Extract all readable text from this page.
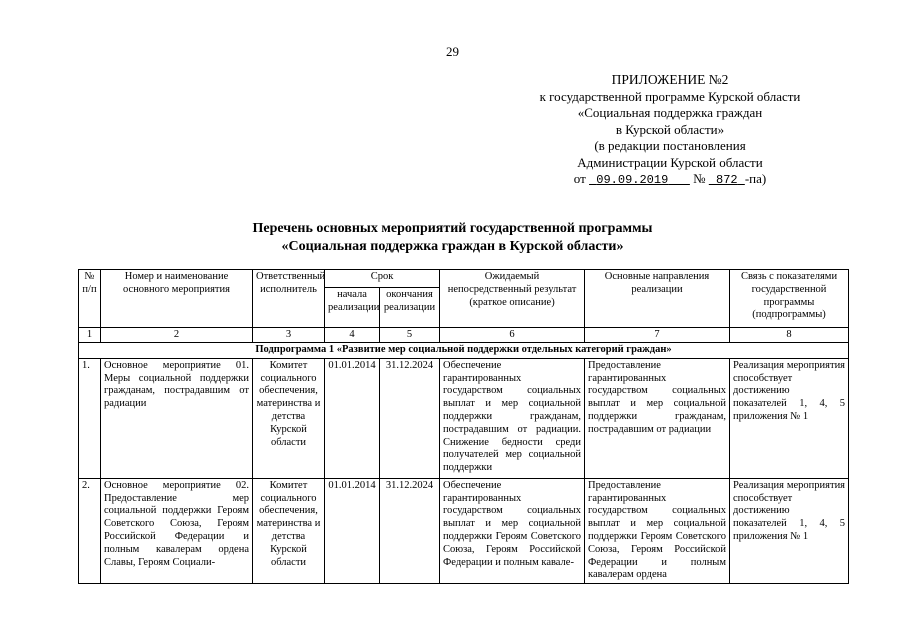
29
ПРИЛОЖЕНИЕ №2
к государственной программе Курской области
«Социальная поддержка граждан
в Курской области»
(в редакции постановления
Администрации Курской области
от 09.09.2019 № 872 -па)
Перечень основных мероприятий государственной программы
«Социальная поддержка граждан в Курской области»
№ п/п	Номер и наименование основного мероприятия	Ответственный исполнитель	Срок		Ожидаемый непосредственный результат (краткое описание)	Основные направления реализации	Связь с показателями государственной программы (подпрограммы)
			начала реализации	окончания реализации			
1	2	3	4	5	6	7	8
Подпрограмма 1 «Развитие мер социальной поддержки отдельных категорий граждан»							
1.	Основное мероприятие 01. Меры социальной поддержки гражданам, пострадавшим от радиации	Комитет социального обеспечения, материнства и детства Курской области	01.01.2014	31.12.2024	Обеспечение гарантированных государством социальных выплат и мер социальной поддержки гражданам, пострадавшим от радиации. Снижение бедности среди получателей мер социальной поддержки	Предоставление гарантированных государством социальных выплат и мер социальной поддержки гражданам, пострадавшим от радиации	Реализация мероприятия способствует достижению показателей 1, 4, 5 приложения № 1
2.	Основное мероприятие 02. Предоставление мер социальной поддержки Героям Советского Союза, Героям Российской Федерации и полным кавалерам ордена Славы, Героям Социали-	Комитет социального обеспечения, материнства и детства Курской области	01.01.2014	31.12.2024	Обеспечение гарантированных государством социальных выплат и мер социальной поддержки Героям Советского Союза, Героям Российской Федерации и полным кавале-	Предоставление гарантированных государством социальных выплат и мер социальной поддержки Героям Советского Союза, Героям Российской Федерации и полным кавалерам ордена	Реализация мероприятия способствует достижению показателей 1, 4, 5 приложения № 1
